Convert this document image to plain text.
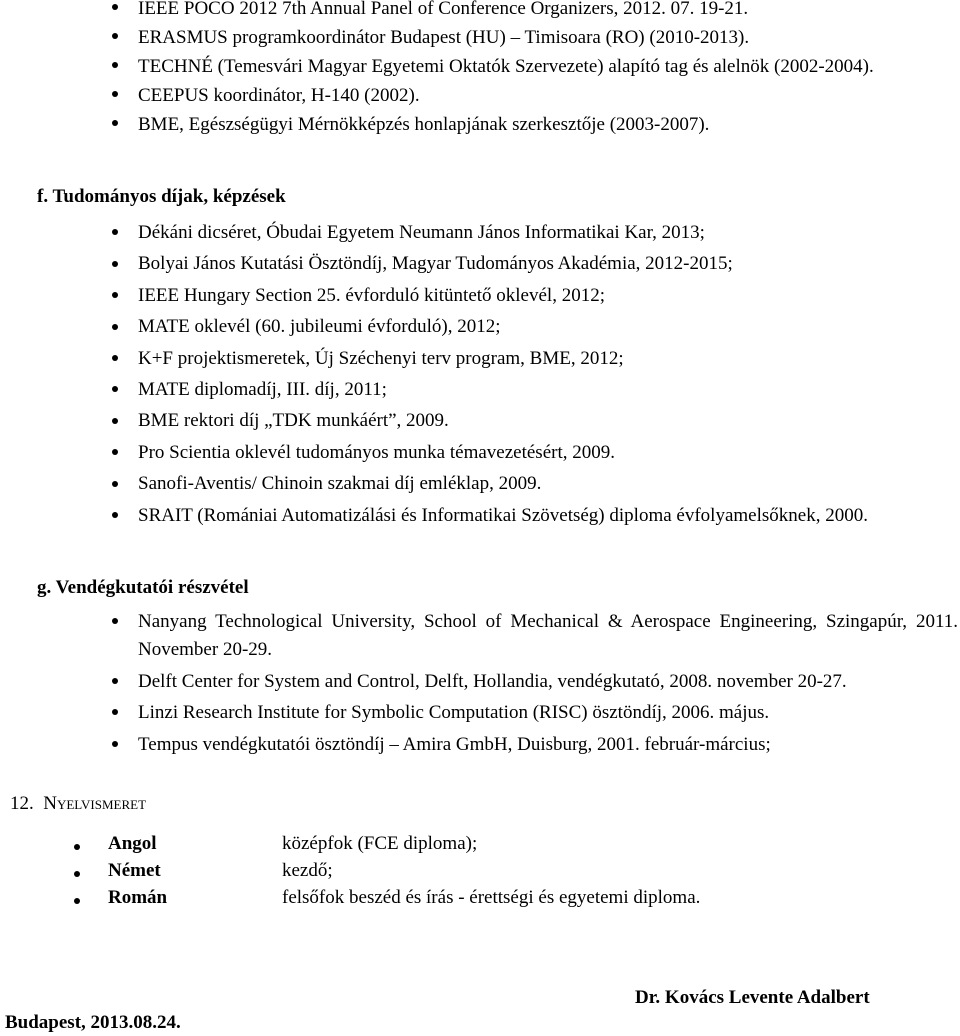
IEEE POCO 2012 7th Annual Panel of Conference Organizers, 2012. 07. 19-21.
ERASMUS programkoordinátor Budapest (HU) – Timisoara (RO) (2010-2013).
TECHNÉ (Temesvári Magyar Egyetemi Oktatók Szervezete) alapító tag és alelnök (2002-2004).
CEEPUS koordinátor, H-140 (2002).
BME, Egészségügyi Mérnökképzés honlapjának szerkesztője (2003-2007).
f. Tudományos díjak, képzések
Dékáni dicséret, Óbudai Egyetem Neumann János Informatikai Kar, 2013;
Bolyai János Kutatási Ösztöndíj, Magyar Tudományos Akadémia, 2012-2015;
IEEE Hungary Section 25. évforduló kitüntető oklevél, 2012;
MATE oklevél (60. jubileumi évforduló), 2012;
K+F projektismeretek, Új Széchenyi terv program, BME, 2012;
MATE diplomadíj, III. díj, 2011;
BME rektori díj „TDK munkáért”, 2009.
Pro Scientia oklevél tudományos munka témavezetésért, 2009.
Sanofi-Aventis/ Chinoin szakmai díj emléklap, 2009.
SRAIT (Romániai Automatizálási és Informatikai Szövetség) diploma évfolyamelsőknek, 2000.
g. Vendégkutatói részvétel
Nanyang Technological University, School of Mechanical & Aerospace Engineering, Szingapúr, 2011. November 20-29.
Delft Center for System and Control, Delft, Hollandia, vendégkutató, 2008. november 20-27.
Linzi Research Institute for Symbolic Computation (RISC) ösztöndíj, 2006. május.
Tempus vendégkutatói ösztöndíj – Amira GmbH, Duisburg, 2001. február-március;
12. Nyelvismeret
Angol	középfok (FCE diploma);
Német	kezdő;
Román	felsőfok beszéd és írás - érettségi és egyetemi diploma.
Dr. Kovács Levente Adalbert
Budapest, 2013.08.24.
